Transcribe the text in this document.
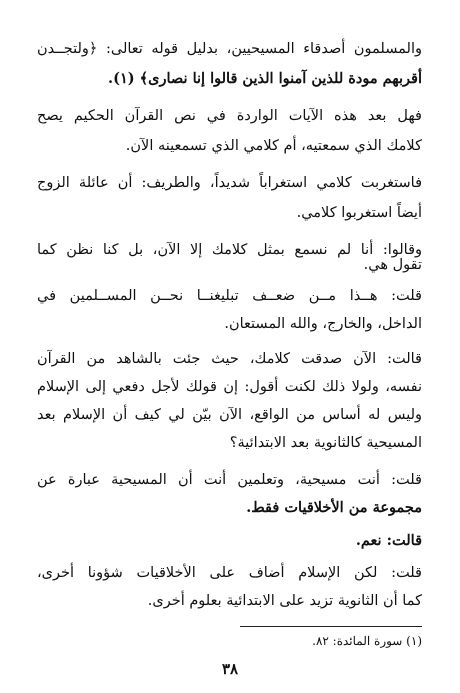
والمسلمون أصدقاء المسيحيين، بدليل قوله تعالى: ﴿ولتجــدن
أقربهم مودة للذين آمنوا الذين قالوا إنا نصارى﴾ (١).
فهل بعد هذه الآيات الواردة في نص القرآن الحكيم يصح
كلامك الذي سمعتيه، أم كلامي الذي تسمعينه الآن.
فاستغربت كلامي استغراباً شديداً، والطريف: أن عائلة الزوج
أيضاً استغربوا كلامي.
وقالوا: أنا لم نسمع بمثل كلامك إلا الآن، بل كنا نظن كما
تقول هي.
قلت: هــذا مــن ضعــف تبليغنــا نحــن المســلمين في
الداخل، والخارج، والله المستعان.
قالت: الآن صدقت كلامك، حيث جئت بالشاهد من القرآن
نفسه، ولولا ذلك لكنت أقول: إن قولك لأجل دفعي إلى الإسلام
وليس له أساس من الواقع، الآن بيّن لي كيف أن الإسلام بعد
المسيحية كالثانوية بعد الابتدائية؟
قلت: أنت مسيحية، وتعلمين أنت أن المسيحية عبارة عن
مجموعة من الأخلاقيات فقط.
قالت: نعم.
قلت: لكن الإسلام أضاف على الأخلاقيات شؤونا أخرى،
كما أن الثانوية تزيد على الابتدائية بعلوم أخرى.
(١) سورة المائدة: ٨٢.
٣٨
